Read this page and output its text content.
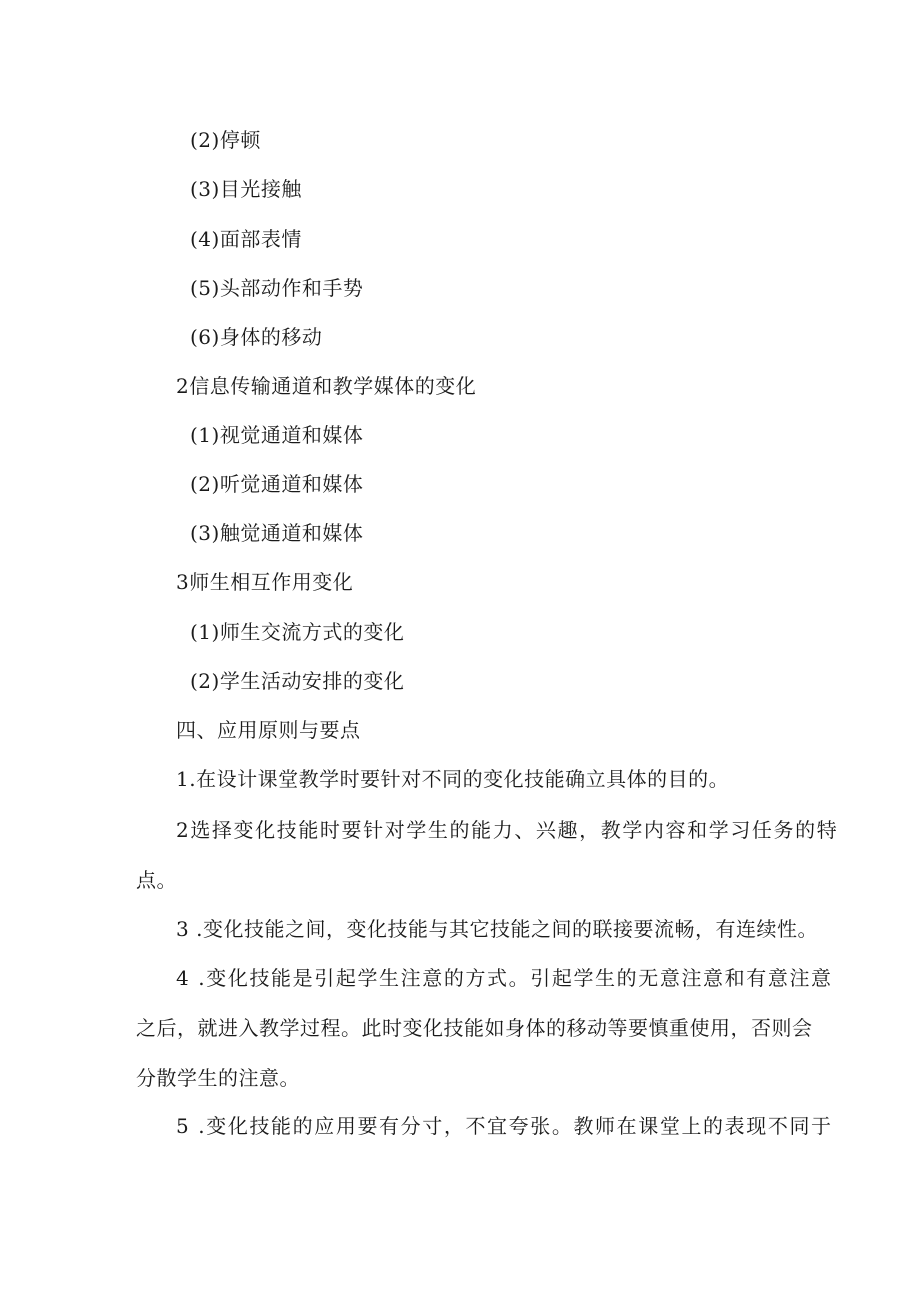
(2)停顿
(3)目光接触
(4)面部表情
(5)头部动作和手势
(6)身体的移动
2信息传输通道和教学媒体的变化
(1)视觉通道和媒体
(2)听觉通道和媒体
(3)触觉通道和媒体
3师生相互作用变化
(1)师生交流方式的变化
(2)学生活动安排的变化
四、应用原则与要点
1.在设计课堂教学时要针对不同的变化技能确立具体的目的。
2选择变化技能时要针对学生的能力、兴趣，教学内容和学习任务的特
点。
3 .变化技能之间，变化技能与其它技能之间的联接要流畅，有连续性。
4 .变化技能是引起学生注意的方式。引起学生的无意注意和有意注意
之后，就进入教学过程。此时变化技能如身体的移动等要慎重使用，否则会
分散学生的注意。
5 .变化技能的应用要有分寸，不宜夸张。教师在课堂上的表现不同于
